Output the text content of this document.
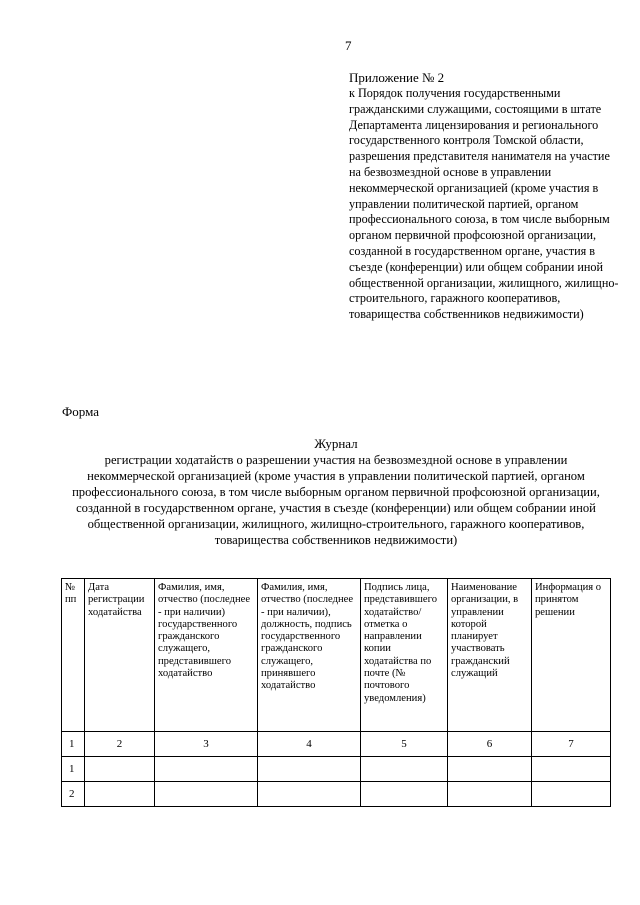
7
Приложение № 2
к Порядок получения государственными гражданскими служащими, состоящими в штате Департамента лицензирования и регионального государственного контроля Томской области, разрешения представителя нанимателя на участие на безвозмездной основе в управлении некоммерческой организацией (кроме участия в управлении политической партией, органом профессионального союза, в том числе выборным органом первичной профсоюзной организации, созданной в государственном органе, участия в съезде (конференции) или общем собрании иной общественной организации, жилищного, жилищно-строительного, гаражного кооперативов, товарищества собственников недвижимости)
Форма
Журнал
регистрации ходатайств о разрешении участия на безвозмездной основе в управлении некоммерческой организацией (кроме участия в управлении политической партией, органом профессионального союза, в том числе выборным органом первичной профсоюзной организации, созданной в государственном органе, участия в съезде (конференции) или общем собрании иной общественной организации, жилищного, жилищно-строительного, гаражного кооперативов, товарищества собственников недвижимости)
№ пп	Дата регистрации ходатайства	Фамилия, имя, отчество (последнее - при наличии) государственного гражданского служащего, представившего ходатайство	Фамилия, имя, отчество (последнее - при наличии), должность, подпись государственного гражданского служащего, принявшего ходатайство	Подпись лица, представившего ходатайство/ отметка о направлении копии ходатайства по почте (№ почтового уведомления)	Наименование организации, в управлении которой планирует участвовать гражданский служащий	Информация о принятом решении
1	2	3	4	5	6	7
1						
2						
